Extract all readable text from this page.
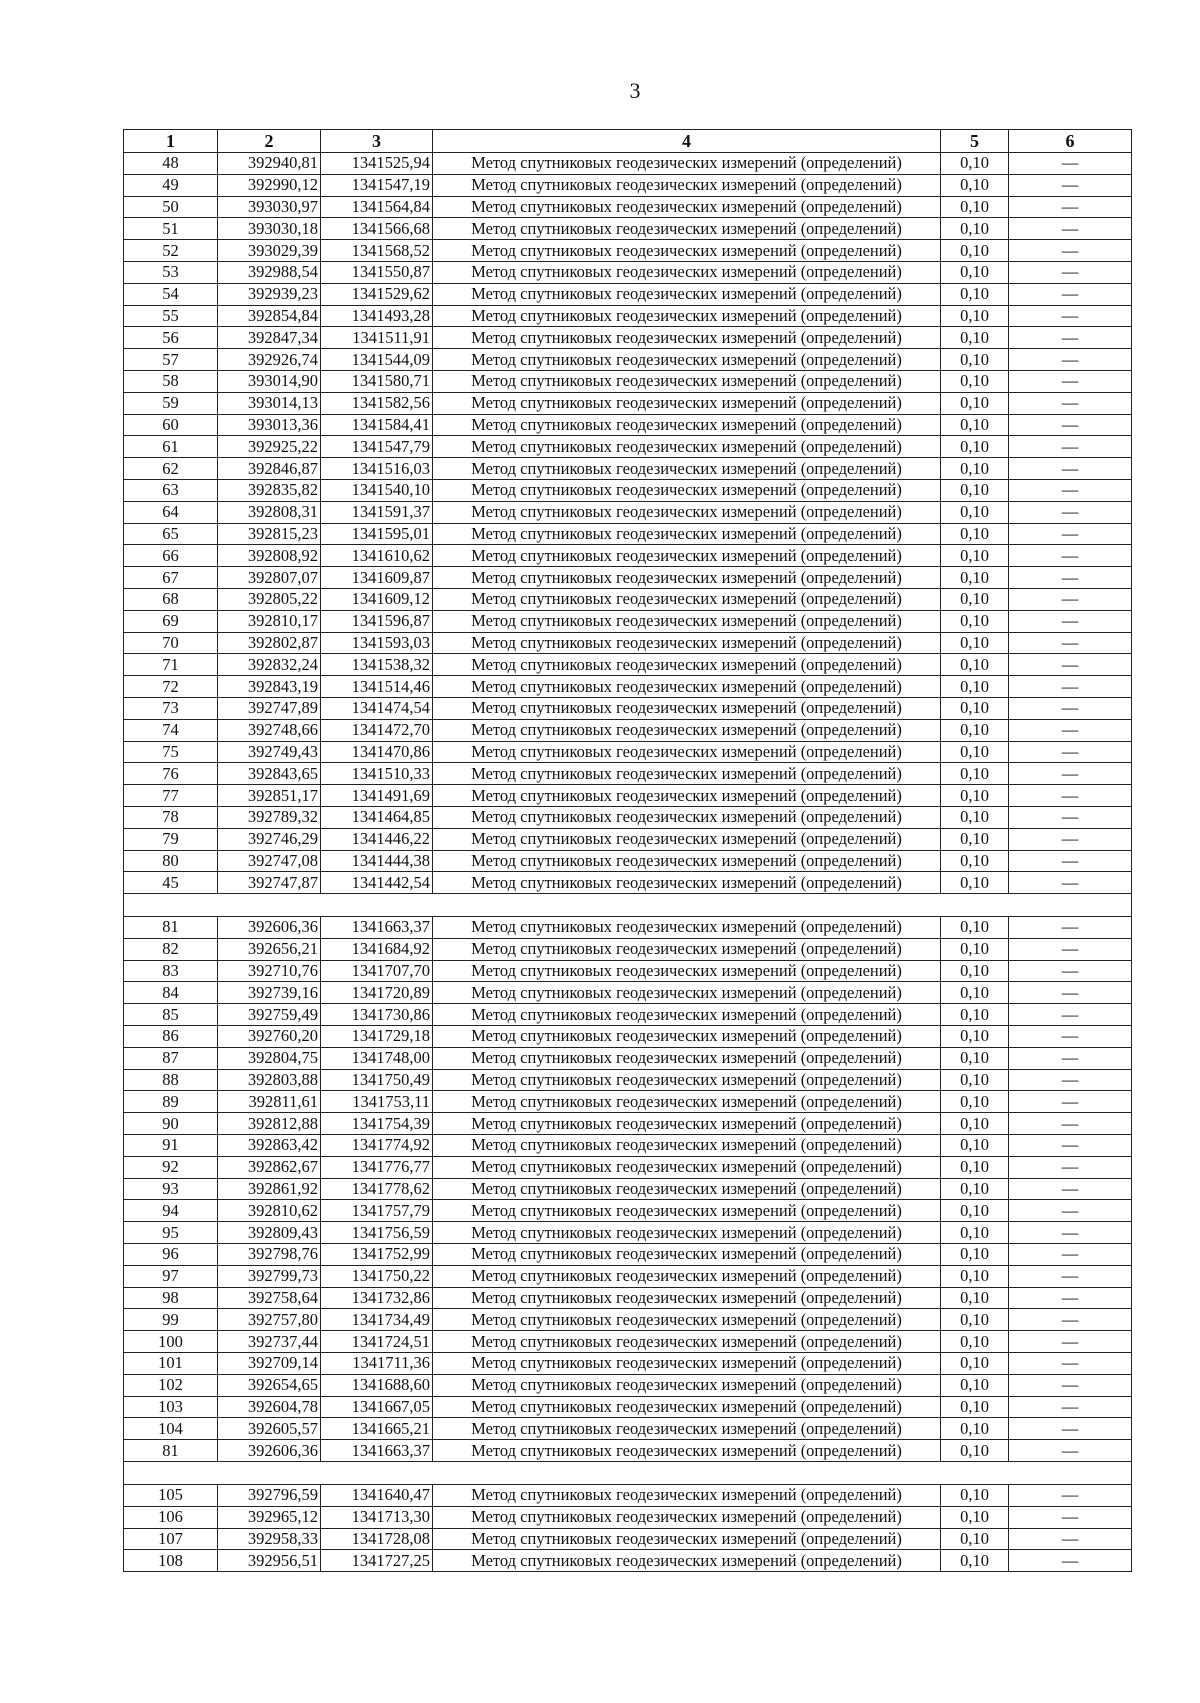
3
1	2	3	4	5	6
48	392940,81	1341525,94	Метод спутниковых геодезических измерений (определений)	0,10	—
49	392990,12	1341547,19	Метод спутниковых геодезических измерений (определений)	0,10	—
50	393030,97	1341564,84	Метод спутниковых геодезических измерений (определений)	0,10	—
51	393030,18	1341566,68	Метод спутниковых геодезических измерений (определений)	0,10	—
52	393029,39	1341568,52	Метод спутниковых геодезических измерений (определений)	0,10	—
53	392988,54	1341550,87	Метод спутниковых геодезических измерений (определений)	0,10	—
54	392939,23	1341529,62	Метод спутниковых геодезических измерений (определений)	0,10	—
55	392854,84	1341493,28	Метод спутниковых геодезических измерений (определений)	0,10	—
56	392847,34	1341511,91	Метод спутниковых геодезических измерений (определений)	0,10	—
57	392926,74	1341544,09	Метод спутниковых геодезических измерений (определений)	0,10	—
58	393014,90	1341580,71	Метод спутниковых геодезических измерений (определений)	0,10	—
59	393014,13	1341582,56	Метод спутниковых геодезических измерений (определений)	0,10	—
60	393013,36	1341584,41	Метод спутниковых геодезических измерений (определений)	0,10	—
61	392925,22	1341547,79	Метод спутниковых геодезических измерений (определений)	0,10	—
62	392846,87	1341516,03	Метод спутниковых геодезических измерений (определений)	0,10	—
63	392835,82	1341540,10	Метод спутниковых геодезических измерений (определений)	0,10	—
64	392808,31	1341591,37	Метод спутниковых геодезических измерений (определений)	0,10	—
65	392815,23	1341595,01	Метод спутниковых геодезических измерений (определений)	0,10	—
66	392808,92	1341610,62	Метод спутниковых геодезических измерений (определений)	0,10	—
67	392807,07	1341609,87	Метод спутниковых геодезических измерений (определений)	0,10	—
68	392805,22	1341609,12	Метод спутниковых геодезических измерений (определений)	0,10	—
69	392810,17	1341596,87	Метод спутниковых геодезических измерений (определений)	0,10	—
70	392802,87	1341593,03	Метод спутниковых геодезических измерений (определений)	0,10	—
71	392832,24	1341538,32	Метод спутниковых геодезических измерений (определений)	0,10	—
72	392843,19	1341514,46	Метод спутниковых геодезических измерений (определений)	0,10	—
73	392747,89	1341474,54	Метод спутниковых геодезических измерений (определений)	0,10	—
74	392748,66	1341472,70	Метод спутниковых геодезических измерений (определений)	0,10	—
75	392749,43	1341470,86	Метод спутниковых геодезических измерений (определений)	0,10	—
76	392843,65	1341510,33	Метод спутниковых геодезических измерений (определений)	0,10	—
77	392851,17	1341491,69	Метод спутниковых геодезических измерений (определений)	0,10	—
78	392789,32	1341464,85	Метод спутниковых геодезических измерений (определений)	0,10	—
79	392746,29	1341446,22	Метод спутниковых геодезических измерений (определений)	0,10	—
80	392747,08	1341444,38	Метод спутниковых геодезических измерений (определений)	0,10	—
45	392747,87	1341442,54	Метод спутниковых геодезических измерений (определений)	0,10	—

81	392606,36	1341663,37	Метод спутниковых геодезических измерений (определений)	0,10	—
82	392656,21	1341684,92	Метод спутниковых геодезических измерений (определений)	0,10	—
83	392710,76	1341707,70	Метод спутниковых геодезических измерений (определений)	0,10	—
84	392739,16	1341720,89	Метод спутниковых геодезических измерений (определений)	0,10	—
85	392759,49	1341730,86	Метод спутниковых геодезических измерений (определений)	0,10	—
86	392760,20	1341729,18	Метод спутниковых геодезических измерений (определений)	0,10	—
87	392804,75	1341748,00	Метод спутниковых геодезических измерений (определений)	0,10	—
88	392803,88	1341750,49	Метод спутниковых геодезических измерений (определений)	0,10	—
89	392811,61	1341753,11	Метод спутниковых геодезических измерений (определений)	0,10	—
90	392812,88	1341754,39	Метод спутниковых геодезических измерений (определений)	0,10	—
91	392863,42	1341774,92	Метод спутниковых геодезических измерений (определений)	0,10	—
92	392862,67	1341776,77	Метод спутниковых геодезических измерений (определений)	0,10	—
93	392861,92	1341778,62	Метод спутниковых геодезических измерений (определений)	0,10	—
94	392810,62	1341757,79	Метод спутниковых геодезических измерений (определений)	0,10	—
95	392809,43	1341756,59	Метод спутниковых геодезических измерений (определений)	0,10	—
96	392798,76	1341752,99	Метод спутниковых геодезических измерений (определений)	0,10	—
97	392799,73	1341750,22	Метод спутниковых геодезических измерений (определений)	0,10	—
98	392758,64	1341732,86	Метод спутниковых геодезических измерений (определений)	0,10	—
99	392757,80	1341734,49	Метод спутниковых геодезических измерений (определений)	0,10	—
100	392737,44	1341724,51	Метод спутниковых геодезических измерений (определений)	0,10	—
101	392709,14	1341711,36	Метод спутниковых геодезических измерений (определений)	0,10	—
102	392654,65	1341688,60	Метод спутниковых геодезических измерений (определений)	0,10	—
103	392604,78	1341667,05	Метод спутниковых геодезических измерений (определений)	0,10	—
104	392605,57	1341665,21	Метод спутниковых геодезических измерений (определений)	0,10	—
81	392606,36	1341663,37	Метод спутниковых геодезических измерений (определений)	0,10	—

105	392796,59	1341640,47	Метод спутниковых геодезических измерений (определений)	0,10	—
106	392965,12	1341713,30	Метод спутниковых геодезических измерений (определений)	0,10	—
107	392958,33	1341728,08	Метод спутниковых геодезических измерений (определений)	0,10	—
108	392956,51	1341727,25	Метод спутниковых геодезических измерений (определений)	0,10	—
